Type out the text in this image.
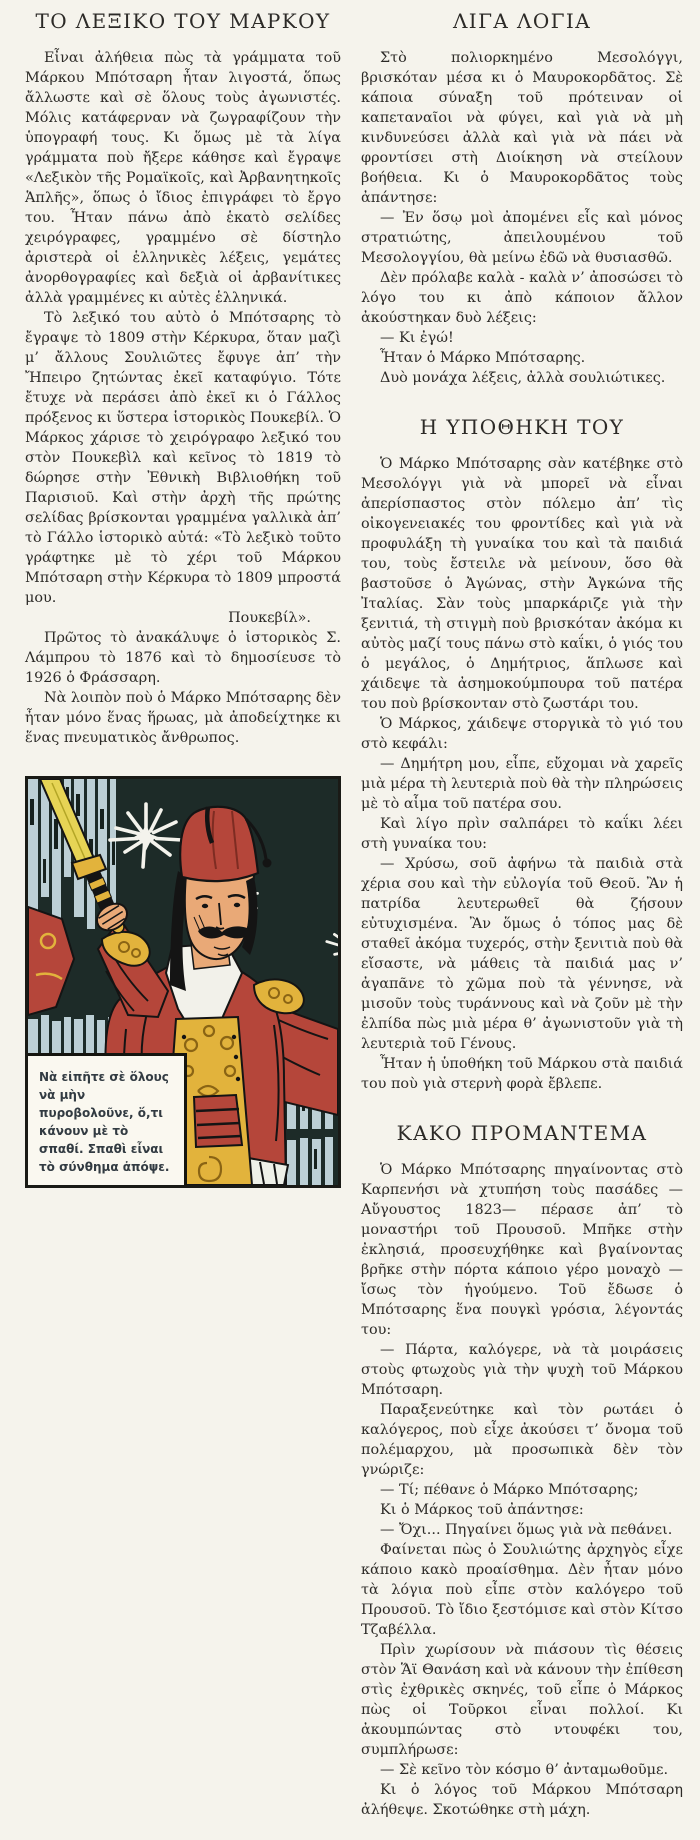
ΤΟ ΛΕΞΙΚΟ ΤΟΥ ΜΑΡΚΟΥ

Εἶναι ἀλήθεια πὼς τὰ γράμματα τοῦ Μάρκου Μπότσαρη ἦταν λιγοστά, ὅπως ἄλλωστε καὶ σὲ ὅλους τοὺς ἀγωνιστές. Μόλις κατάφερναν νὰ ζωγραφίζουν τὴν ὑπογραφή τους. Κι ὅμως μὲ τὰ λίγα γράμματα ποὺ ἤξερε κάθησε καὶ ἔγραψε «Λεξικὸν τῆς Ρομαϊκοῖς, καὶ Ἀρβανητηκοῖς Ἁπλῆς», ὅπως ὁ ἴδιος ἐπιγράφει τὸ ἔργο του. Ἦταν πάνω ἀπὸ ἑκατὸ σελίδες χειρόγραφες, γραμμένο σὲ δίστηλο ἀριστερὰ οἱ ἑλληνικὲς λέξεις, γεμάτες ἀνορθογραφίες καὶ δεξιὰ οἱ ἀρβανίτικες ἀλλὰ γραμμένες κι αὐτὲς ἑλληνικά.

Τὸ λεξικό του αὐτὸ ὁ Μπότσαρης τὸ ἔγραψε τὸ 1809 στὴν Κέρκυρα, ὅταν μαζὶ μ’ ἄλλους Σουλιῶτες ἔφυγε ἀπ’ τὴν Ἤπειρο ζητώντας ἐκεῖ καταφύγιο. Τότε ἔτυχε νὰ περάσει ἀπὸ ἐκεῖ κι ὁ Γάλλος πρόξενος κι ὕστερα ἱστορικὸς Πουκεβίλ. Ὁ Μάρκος χάρισε τὸ χειρόγραφο λεξικό του στὸν Πουκεβὶλ καὶ κεῖνος τὸ 1819 τὸ δώρησε στὴν Ἐθνικὴ Βιβλιοθήκη τοῦ Παρισιοῦ. Καὶ στὴν ἀρχὴ τῆς πρώτης σελίδας βρίσκονται γραμμένα γαλλικὰ ἀπ’ τὸ Γάλλο ἱστορικὸ αὐτά: «Τὸ λεξικὸ τοῦτο γράφτηκε μὲ τὸ χέρι τοῦ Μάρκου Μπότσαρη στὴν Κέρκυρα τὸ 1809 μπροστά μου.

Πουκεβίλ».

Πρῶτος τὸ ἀνακάλυψε ὁ ἱστορικὸς Σ. Λάμπρου τὸ 1876 καὶ τὸ δημοσίευσε τὸ 1926 ὁ Φράσσαρη.

Νὰ λοιπὸν ποὺ ὁ Μάρκο Μπότσαρης δὲν ἦταν μόνο ἕνας ἥρωας, μὰ ἀποδείχτηκε κι ἕνας πνευματικὸς ἄνθρωπος.

Νὰ εἰπῆτε σὲ ὅλους νὰ μὴν πυροβολοῦνε, ὅ,τι κάνουν μὲ τὸ σπαθί. Σπαθὶ εἶναι τὸ σύνθημα ἀπόψε.
ΛΙΓΑ ΛΟΓΙΑ

Στὸ πολιορκημένο Μεσολόγγι, βρισκόταν μέσα κι ὁ Μαυροκορδᾶτος. Σὲ κάποια σύναξη τοῦ πρότειναν οἱ καπεταναῖοι νὰ φύγει, καὶ γιὰ νὰ μὴ κινδυνεύσει ἀλλὰ καὶ γιὰ νὰ πάει νὰ φροντίσει στὴ Διοίκηση νὰ στείλουν βοήθεια. Κι ὁ Μαυροκορδᾶτος τοὺς ἀπάντησε:

— Ἐν ὅσῳ μοὶ ἀπομένει εἷς καὶ μόνος στρατιώτης, ἀπειλουμένου τοῦ Μεσολογγίου, θὰ μείνω ἐδῶ νὰ θυσιασθῶ.

Δὲν πρόλαβε καλὰ - καλὰ ν’ ἀποσώσει τὸ λόγο του κι ἀπὸ κάποιον ἄλλον ἀκούστηκαν δυὸ λέξεις:

— Κι ἐγώ!

Ἦταν ὁ Μάρκο Μπότσαρης.

Δυὸ μονάχα λέξεις, ἀλλὰ σουλιώτικες.

Η ΥΠΟΘΗΚΗ ΤΟΥ

Ὁ Μάρκο Μπότσαρης σὰν κατέβηκε στὸ Μεσολόγγι γιὰ νὰ μπορεῖ νὰ εἶναι ἀπερίσπαστος στὸν πόλεμο ἀπ’ τὶς οἰκογενειακές του φροντίδες καὶ γιὰ νὰ προφυλάξη τὴ γυναίκα του καὶ τὰ παιδιά του, τοὺς ἔστειλε νὰ μείνουν, ὅσο θὰ βαστοῦσε ὁ Ἀγώνας, στὴν Ἀγκώνα τῆς Ἰταλίας. Σὰν τοὺς μπαρκάριζε γιὰ τὴν ξενιτιά, τὴ στιγμὴ ποὺ βρισκόταν ἀκόμα κι αὐτὸς μαζί τους πάνω στὸ καΐκι, ὁ γιός του ὁ μεγάλος, ὁ Δημήτριος, ἅπλωσε καὶ χάιδεψε τὰ ἀσημοκούμπουρα τοῦ πατέρα του ποὺ βρίσκονταν στὸ ζωστάρι του.

Ὁ Μάρκος, χάιδεψε στοργικὰ τὸ γιό του στὸ κεφάλι:

— Δημήτρη μου, εἶπε, εὔχομαι νὰ χαρεῖς μιὰ μέρα τὴ λευτεριὰ ποὺ θὰ τὴν πληρώσεις μὲ τὸ αἷμα τοῦ πατέρα σου.

Καὶ λίγο πρὶν σαλπάρει τὸ καΐκι λέει στὴ γυναίκα του:

— Χρύσω, σοῦ ἀφήνω τὰ παιδιὰ στὰ χέρια σου καὶ τὴν εὐλογία τοῦ Θεοῦ. Ἂν ἡ πατρίδα λευτερωθεῖ θὰ ζήσουν εὐτυχισμένα. Ἂν ὅμως ὁ τόπος μας δὲ σταθεῖ ἀκόμα τυχερός, στὴν ξενιτιὰ ποὺ θὰ εἴσαστε, νὰ μάθεις τὰ παιδιά μας ν’ ἀγαπᾶνε τὸ χῶμα ποὺ τὰ γέννησε, νὰ μισοῦν τοὺς τυράννους καὶ νὰ ζοῦν μὲ τὴν ἐλπίδα πὼς μιὰ μέρα θ’ ἀγωνιστοῦν γιὰ τὴ λευτεριὰ τοῦ Γένους.

Ἦταν ἡ ὑποθήκη τοῦ Μάρκου στὰ παιδιά του ποὺ γιὰ στερνὴ φορὰ ἔβλεπε.

ΚΑΚΟ ΠΡΟΜΑΝΤΕΜΑ

Ὁ Μάρκο Μπότσαρης πηγαίνοντας στὸ Καρπενήσι νὰ χτυπήση τοὺς πασάδες —Αὔγουστος 1823— πέρασε ἀπ’ τὸ μοναστήρι τοῦ Προυσοῦ. Μπῆκε στὴν ἐκλησιά, προσευχήθηκε καὶ βγαίνοντας βρῆκε στὴν πόρτα κάποιο γέρο μοναχὸ — ἴσως τὸν ἡγούμενο. Τοῦ ἔδωσε ὁ Μπότσαρης ἕνα πουγκὶ γρόσια, λέγοντάς του:

— Πάρτα, καλόγερε, νὰ τὰ μοιράσεις στοὺς φτωχοὺς γιὰ τὴν ψυχὴ τοῦ Μάρκου Μπότσαρη.

Παραξενεύτηκε καὶ τὸν ρωτάει ὁ καλόγερος, ποὺ εἶχε ἀκούσει τ’ ὄνομα τοῦ πολέμαρχου, μὰ προσωπικὰ δὲν τὸν γνώριζε:

— Τί; πέθανε ὁ Μάρκο Μπότσαρης;

Κι ὁ Μάρκος τοῦ ἀπάντησε:

— Ὄχι... Πηγαίνει ὅμως γιὰ νὰ πεθάνει.

Φαίνεται πὼς ὁ Σουλιώτης ἀρχηγὸς εἶχε κάποιο κακὸ προαίσθημα. Δὲν ἦταν μόνο τὰ λόγια ποὺ εἶπε στὸν καλόγερο τοῦ Προυσοῦ. Τὸ ἴδιο ξεστόμισε καὶ στὸν Κίτσο Τζαβέλλα.

Πρὶν χωρίσουν νὰ πιάσουν τὶς θέσεις στὸν Ἅϊ Θανάση καὶ νὰ κάνουν τὴν ἐπίθεση στὶς ἐχθρικὲς σκηνές, τοῦ εἶπε ὁ Μάρκος πὼς οἱ Τοῦρκοι εἶναι πολλοί. Κι ἀκουμπώντας στὸ ντουφέκι του, συμπλήρωσε:

— Σὲ κεῖνο τὸν κόσμο θ’ ἀνταμωθοῦμε.

Κι ὁ λόγος τοῦ Μάρκου Μπότσαρη ἀλήθεψε. Σκοτώθηκε στὴ μάχη.
